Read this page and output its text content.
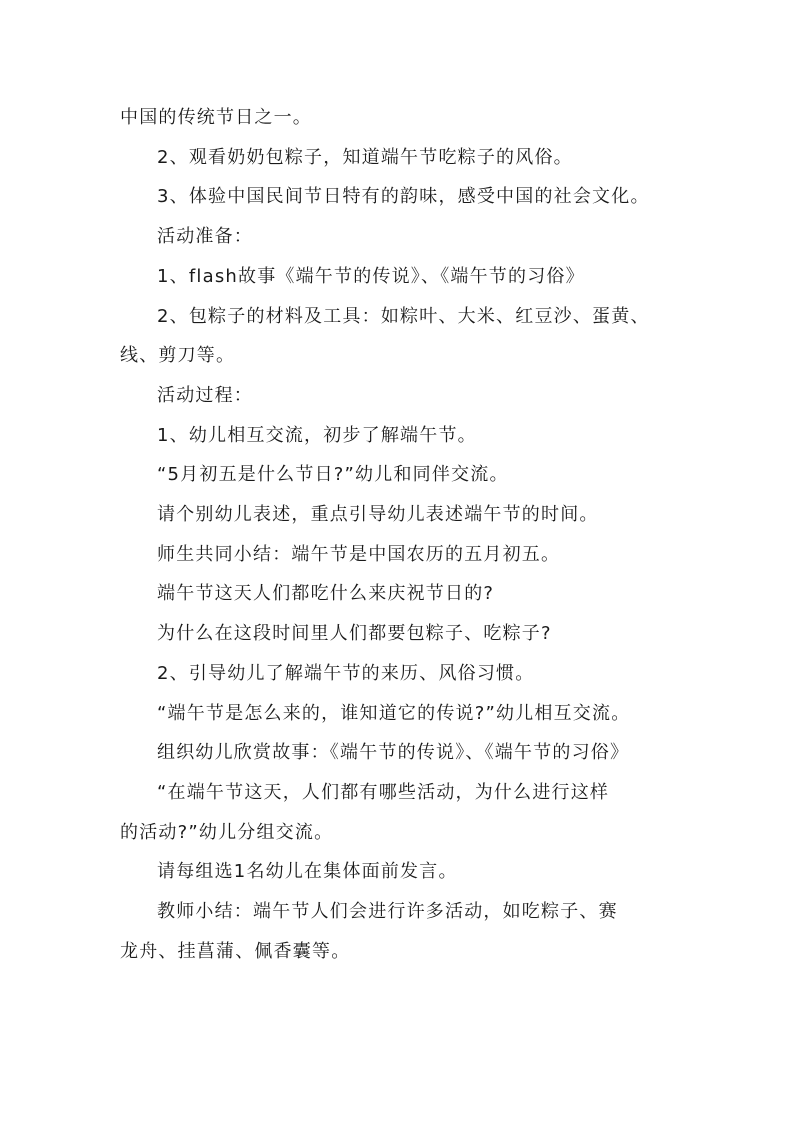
中国的传统节日之一。

2、观看奶奶包粽子，知道端午节吃粽子的风俗。

3、体验中国民间节日特有的韵味，感受中国的社会文化。

活动准备：

1、flash故事《端午节的传说》、《端午节的习俗》

2、包粽子的材料及工具：如粽叶、大米、红豆沙、蛋黄、

线、剪刀等。

活动过程：

1、幼儿相互交流，初步了解端午节。

“5月初五是什么节日?”幼儿和同伴交流。

请个别幼儿表述，重点引导幼儿表述端午节的时间。

师生共同小结：端午节是中国农历的五月初五。

端午节这天人们都吃什么来庆祝节日的?

为什么在这段时间里人们都要包粽子、吃粽子?

2、引导幼儿了解端午节的来历、风俗习惯。

“端午节是怎么来的，谁知道它的传说?”幼儿相互交流。

组织幼儿欣赏故事：《端午节的传说》、《端午节的习俗》

“在端午节这天，人们都有哪些活动，为什么进行这样

的活动?”幼儿分组交流。

请每组选1名幼儿在集体面前发言。

教师小结：端午节人们会进行许多活动，如吃粽子、赛

龙舟、挂菖蒲、佩香囊等。
